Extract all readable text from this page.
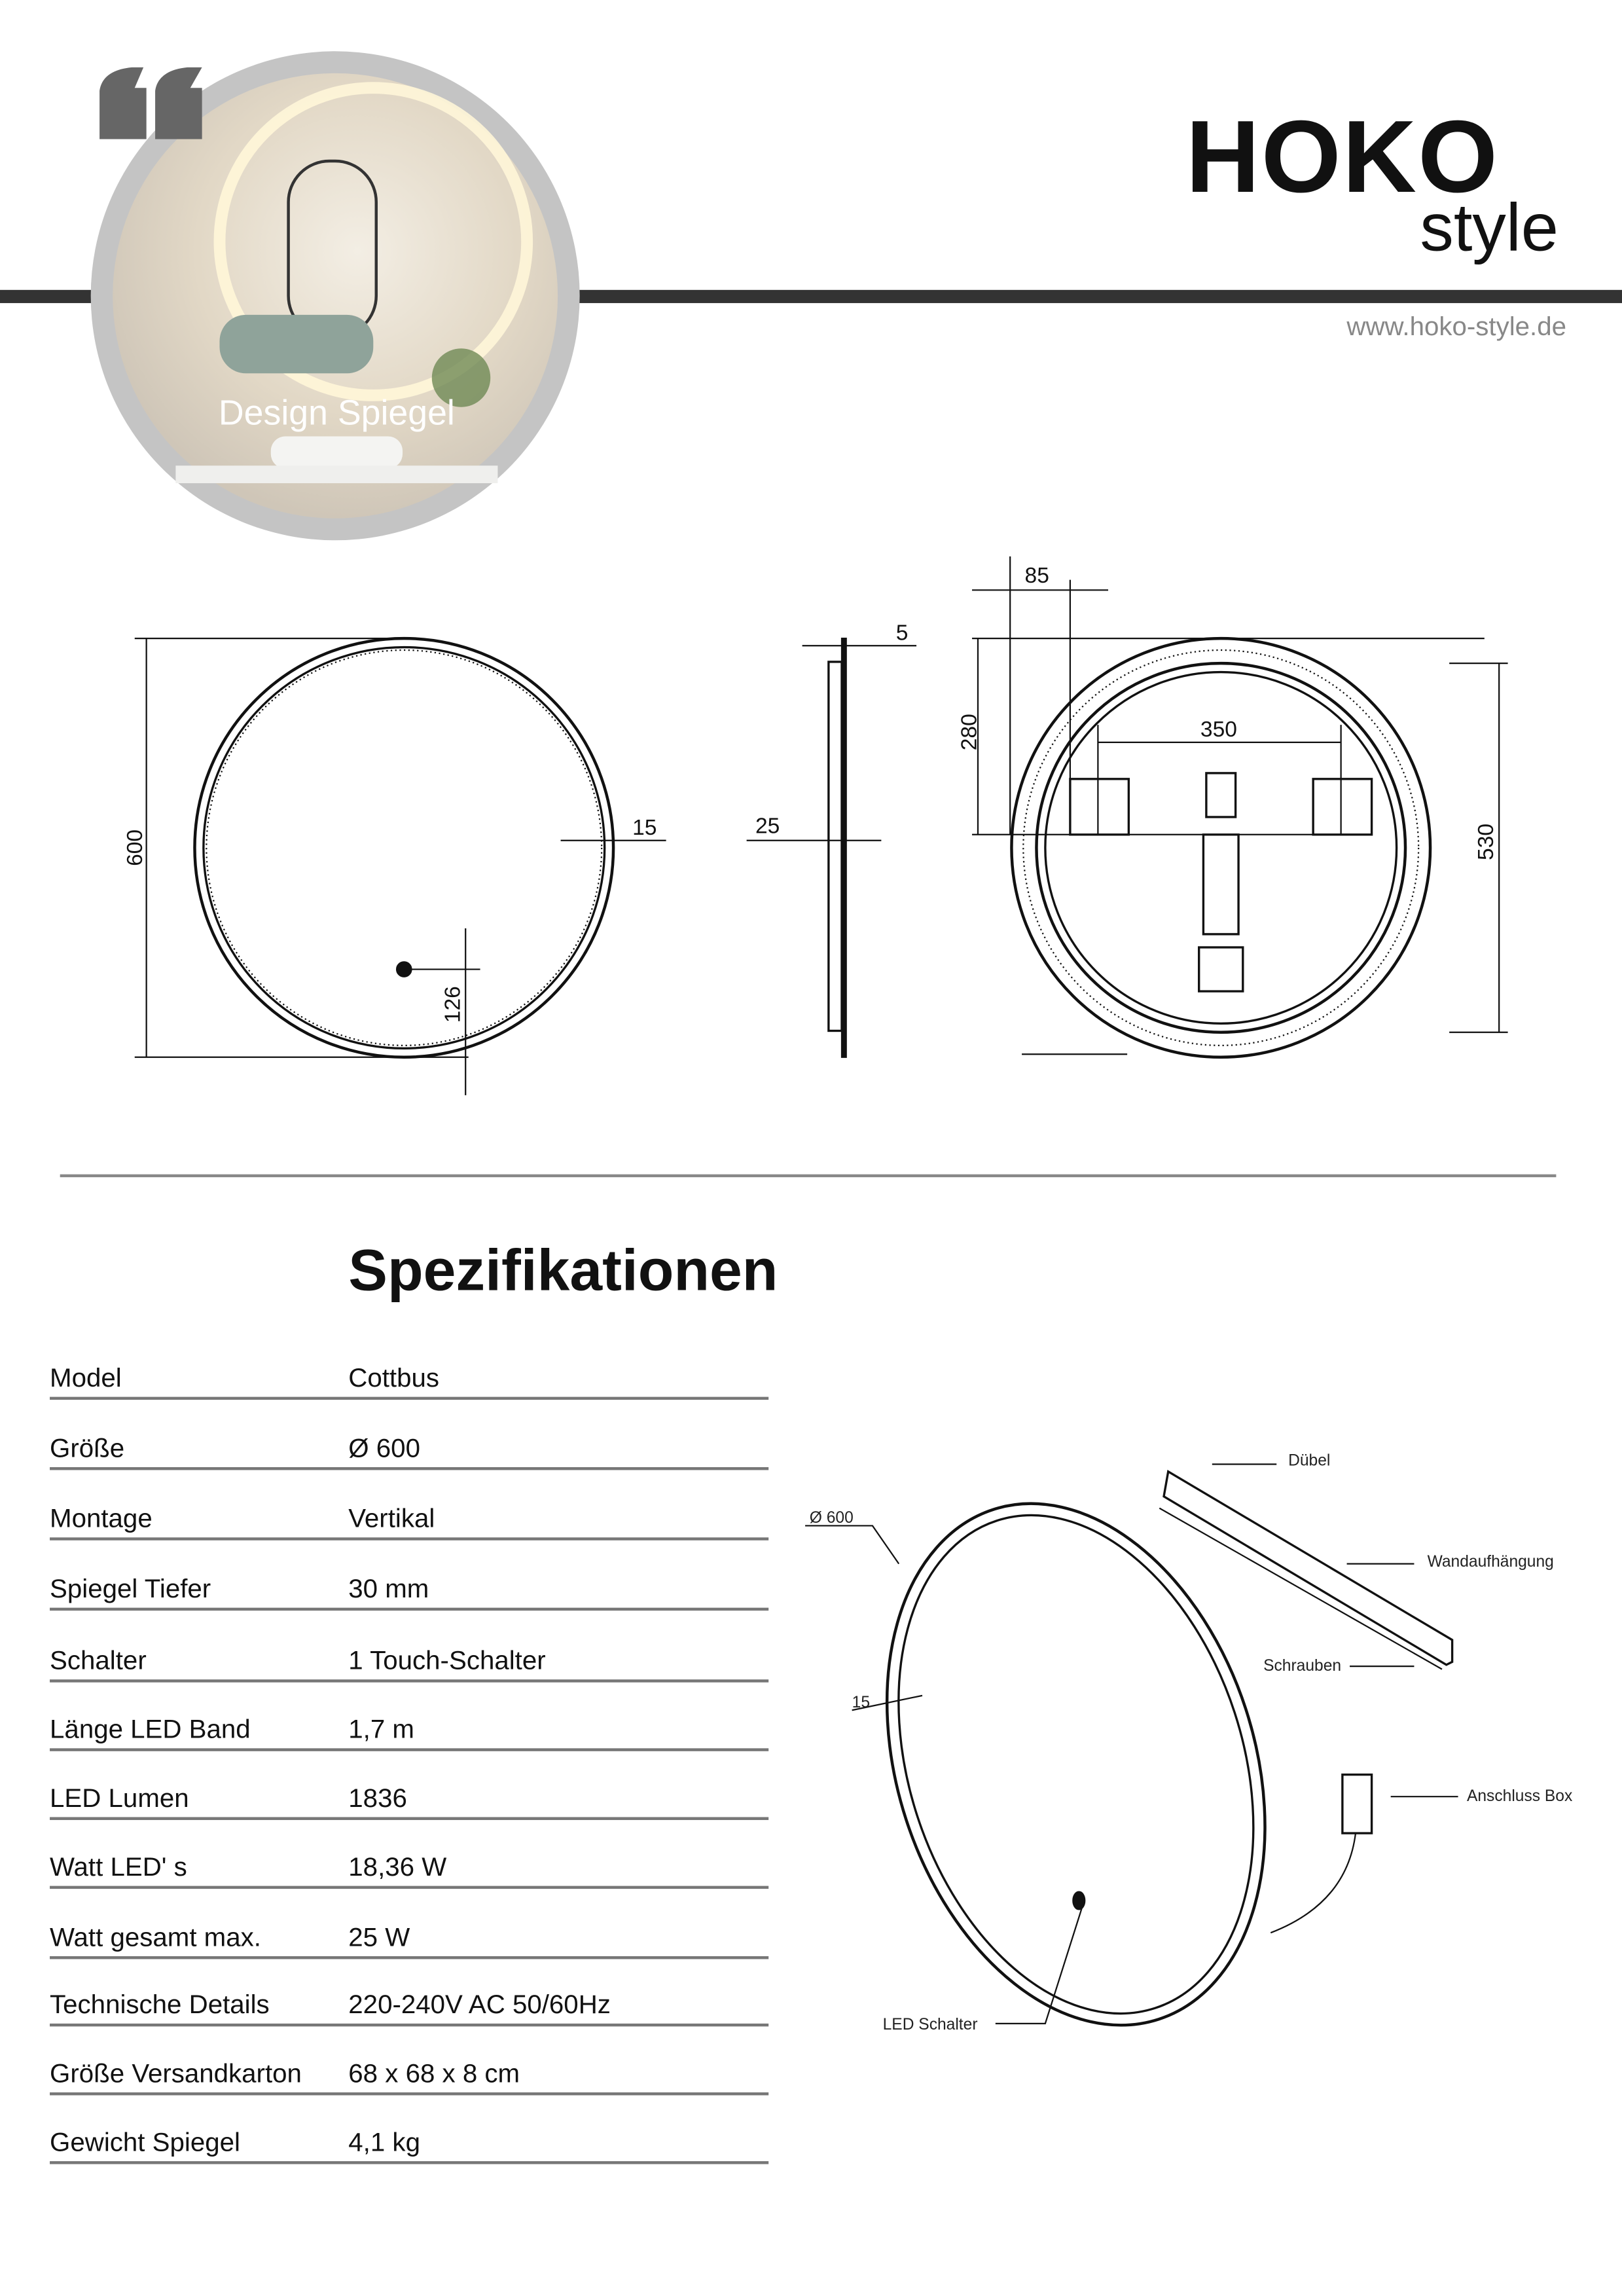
Design Spiegel
HOKO
style
www.hoko-style.de
600
15
126
5
25
85
280	350
530
Spezifikationen
Model	Cottbus
Größe	Ø 600
Montage	Vertikal
Spiegel Tiefer	30 mm
Schalter	1 Touch-Schalter
Länge LED Band	1,7 m
LED Lumen	1836
Watt LED' s	18,36 W
Watt gesamt max.	25 W
Technische Details	220-240V AC 50/60Hz
Größe Versandkarton	68 x 68 x 8 cm
Gewicht Spiegel	4,1 kg
Ø 600
15
Dübel
Wandaufhängung
Schrauben
Anschluss Box
LED Schalter
